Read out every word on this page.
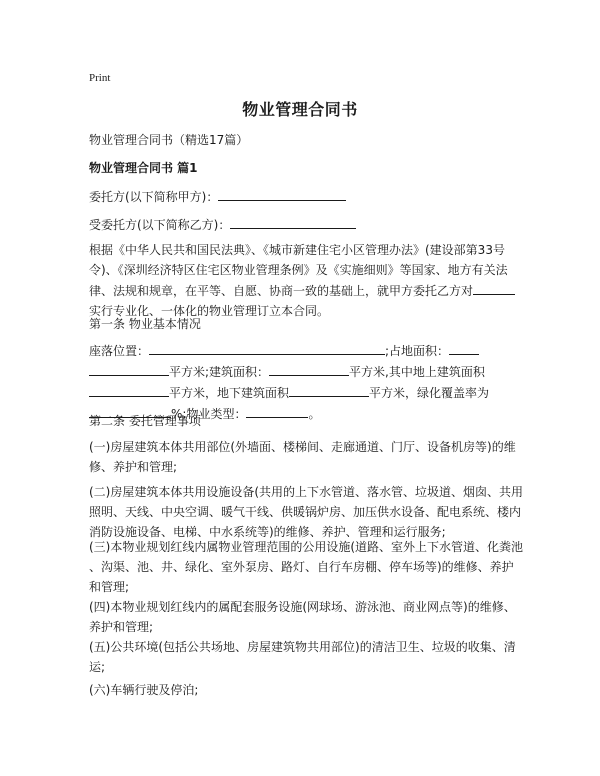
Print
物业管理合同书
物业管理合同书（精选17篇）
物业管理合同书 篇1
委托方(以下简称甲方)：
受委托方(以下简称乙方)：
根据《中华人民共和国民法典》、《城市新建住宅小区管理办法》(建设部第33号
令)、《深圳经济特区住宅区物业管理条例》及《实施细则》等国家、地方有关法
律、法规和规章，在平等、自愿、协商一致的基础上，就甲方委托乙方对
实行专业化、一体化的物业管理订立本合同。
第一条 物业基本情况
座落位置：	;占地面积：
平方米;建筑面积：	平方米,其中地上建筑面积
平方米，地下建筑面积	平方米，绿化覆盖率为
%;物业类型：	。
第二条 委托管理事项
(一)房屋建筑本体共用部位(外墙面、楼梯间、走廊通道、门厅、设备机房等)的维
修、养护和管理;
(二)房屋建筑本体共用设施设备(共用的上下水管道、落水管、垃圾道、烟囱、共用
照明、天线、中央空调、暖气干线、供暖锅炉房、加压供水设备、配电系统、楼内
消防设施设备、电梯、中水系统等)的维修、养护、管理和运行服务;
(三)本物业规划红线内属物业管理范围的公用设施(道路、室外上下水管道、化粪池
、沟渠、池、井、绿化、室外泵房、路灯、自行车房棚、停车场等)的维修、养护
和管理;
(四)本物业规划红线内的属配套服务设施(网球场、游泳池、商业网点等)的维修、
养护和管理;
(五)公共环境(包括公共场地、房屋建筑物共用部位)的清洁卫生、垃圾的收集、清
运;
(六)车辆行驶及停泊;
